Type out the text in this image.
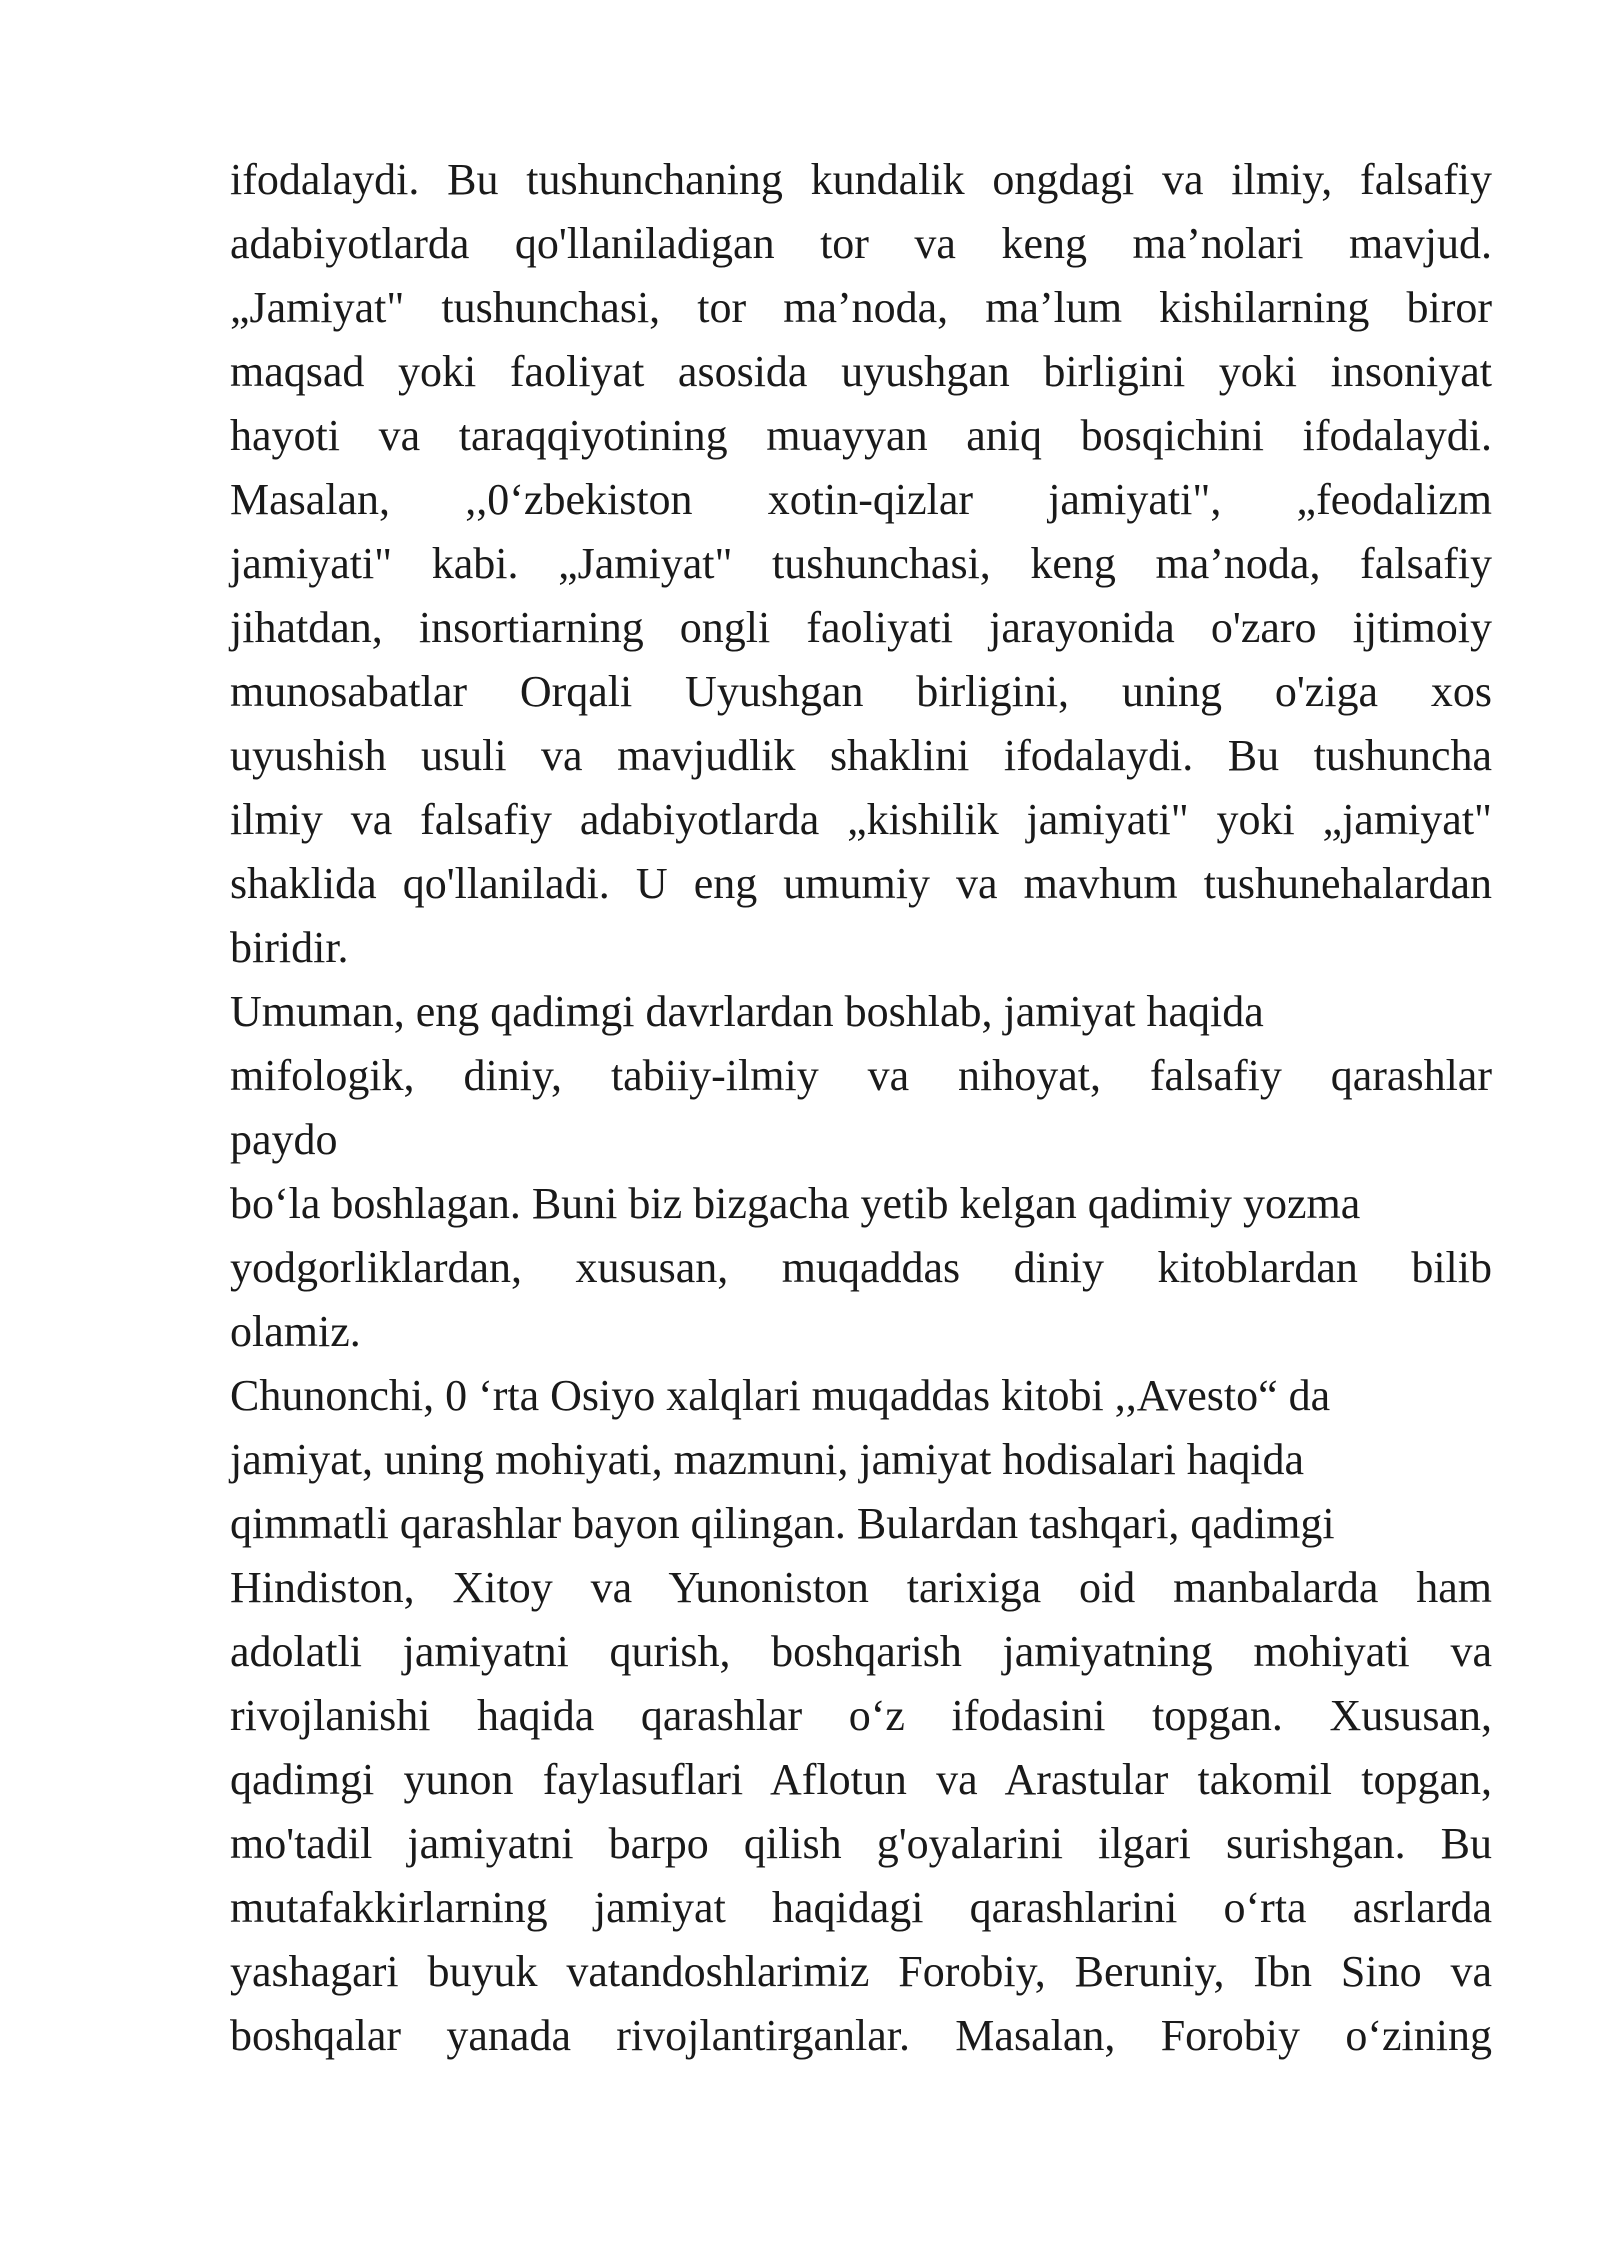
ifodalaydi. Bu tushunchaning kundalik ongdagi va ilmiy, falsafiy
adabiyotlarda qo'llaniladigan tor va keng ma’nolari mavjud.
„Jamiyat" tushunchasi, tor ma’noda, ma’lum kishilarning biror
maqsad yoki faoliyat asosida uyushgan birligini yoki insoniyat
hayoti va taraqqiyotining muayyan aniq bosqichini ifodalaydi.
Masalan, ,,0‘zbekiston xotin-qizlar jamiyati", „feodalizm
jamiyati" kabi. „Jamiyat" tushunchasi, keng ma’noda, falsafiy
jihatdan, insortiarning ongli faoliyati jarayonida o'zaro ijtimoiy
munosabatlar Orqali Uyushgan birligini, uning o'ziga xos
uyushish usuli va mavjudlik shaklini ifodalaydi. Bu tushuncha
ilmiy va falsafiy adabiyotlarda „kishilik jamiyati" yoki „jamiyat"
shaklida qo'llaniladi. U eng umumiy va mavhum tushunehalardan
biridir.
Umuman, eng qadimgi davrlardan boshlab, jamiyat haqida
mifologik, diniy, tabiiy-ilmiy va nihoyat, falsafiy qarashlar
paydo
bo‘la boshlagan. Buni biz bizgacha yetib kelgan qadimiy yozma
yodgorliklardan, xususan, muqaddas diniy kitoblardan bilib
olamiz.
Chunonchi, 0 ‘rta Osiyo xalqlari muqaddas kitobi ,,Avesto“ da
jamiyat, uning mohiyati, mazmuni, jamiyat hodisalari haqida
qimmatli qarashlar bayon qilingan. Bulardan tashqari, qadimgi
Hindiston, Xitoy va Yunoniston tarixiga oid manbalarda ham
adolatli jamiyatni qurish, boshqarish jamiyatning mohiyati va
rivojlanishi haqida qarashlar o‘z ifodasini topgan. Xususan,
qadimgi yunon faylasuflari Aflotun va Arastular takomil topgan,
mo'tadil jamiyatni barpo qilish g'oyalarini ilgari surishgan. Bu
mutafakkirlarning jamiyat haqidagi qarashlarini o‘rta asrlarda
yashagari buyuk vatandoshlarimiz Forobiy, Beruniy, Ibn Sino va
boshqalar yanada rivojlantirganlar. Masalan, Forobiy o‘zining
